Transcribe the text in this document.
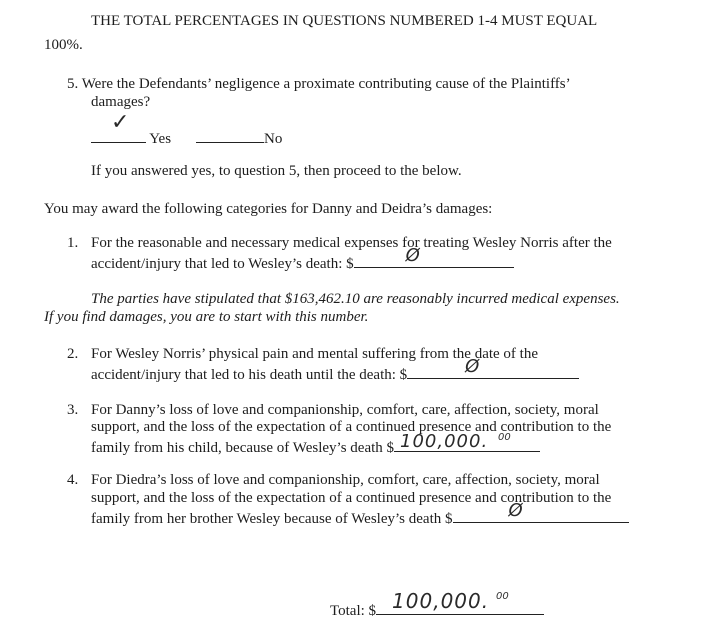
THE TOTAL PERCENTAGES IN QUESTIONS NUMBERED 1-4 MUST EQUAL
100%.
5. Were the Defendants’ negligence a proximate contributing cause of the Plaintiffs’
damages?
✓
Yes	No
If you answered yes, to question 5, then proceed to the below.
You may award the following categories for Danny and Deidra’s damages:
1. For the reasonable and necessary medical expenses for treating Wesley Norris after the
accident/injury that led to Wesley’s death: $	Ø
The parties have stipulated that $163,462.10 are reasonably incurred medical expenses.
If you find damages, you are to start with this number.
2. For Wesley Norris’ physical pain and mental suffering from the date of the
accident/injury that led to his death until the death: $	Ø
3. For Danny’s loss of love and companionship, comfort, care, affection, society, moral
support, and the loss of the expectation of a continued presence and contribution to the
family from his child, because of Wesley’s death $ 100,000. 00
4. For Diedra’s loss of love and companionship, comfort, care, affection, society, moral
support, and the loss of the expectation of a continued presence and contribution to the
family from her brother Wesley because of Wesley’s death $	Ø
Total: $ 100,000. 00
